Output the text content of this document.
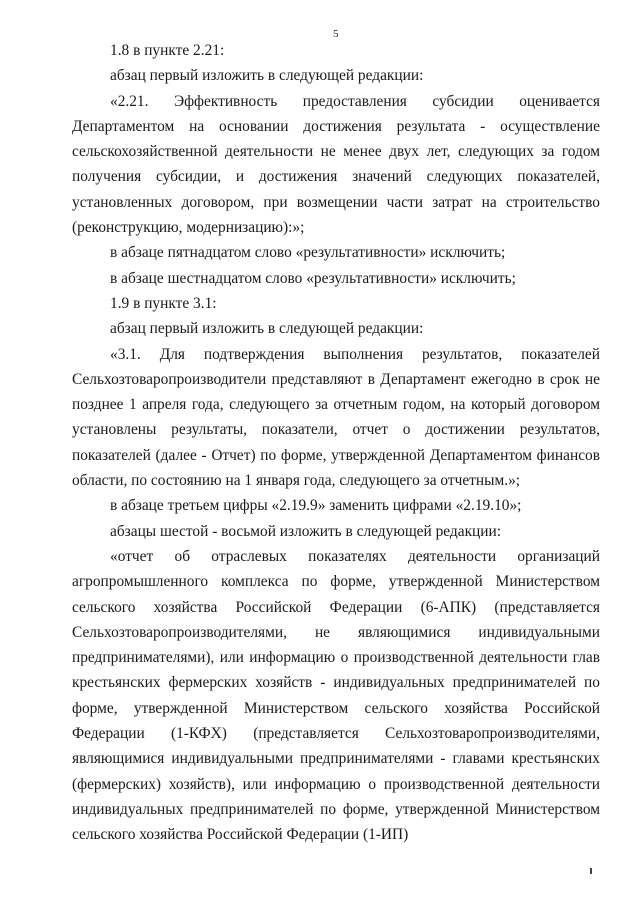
5

1.8 в пункте 2.21:

абзац первый изложить в следующей редакции:

«2.21. Эффективность предоставления субсидии оценивается Департаментом на основании достижения результата - осуществление сельскохозяйственной деятельности не менее двух лет, следующих за годом получения субсидии, и достижения значений следующих показателей, установленных договором, при возмещении части затрат на строительство (реконструкцию, модернизацию):»;

в абзаце пятнадцатом слово «результативности» исключить;

в абзаце шестнадцатом слово «результативности» исключить;

1.9 в пункте 3.1:

абзац первый изложить в следующей редакции:

«3.1. Для подтверждения выполнения результатов, показателей Сельхозтоваропроизводители представляют в Департамент ежегодно в срок не позднее 1 апреля года, следующего за отчетным годом, на который договором установлены результаты, показатели, отчет о достижении результатов, показателей (далее - Отчет) по форме, утвержденной Департаментом финансов области, по состоянию на 1 января года, следующего за отчетным.»;

в абзаце третьем цифры «2.19.9» заменить цифрами «2.19.10»;

абзацы шестой - восьмой изложить в следующей редакции:

«отчет об отраслевых показателях деятельности организаций агропромышленного комплекса по форме, утвержденной Министерством сельского хозяйства Российской Федерации (6-АПК) (представляется Сельхозтоваропроизводителями, не являющимися индивидуальными предпринимателями), или информацию о производственной деятельности глав крестьянских фермерских хозяйств - индивидуальных предпринимателей по форме, утвержденной Министерством сельского хозяйства Российской Федерации (1-КФХ) (представляется Сельхозтоваропроизводителями, являющимися индивидуальными предпринимателями - главами крестьянских (фермерских) хозяйств), или информацию о производственной деятельности индивидуальных предпринимателей по форме, утвержденной Министерством сельского хозяйства Российской Федерации (1-ИП)
